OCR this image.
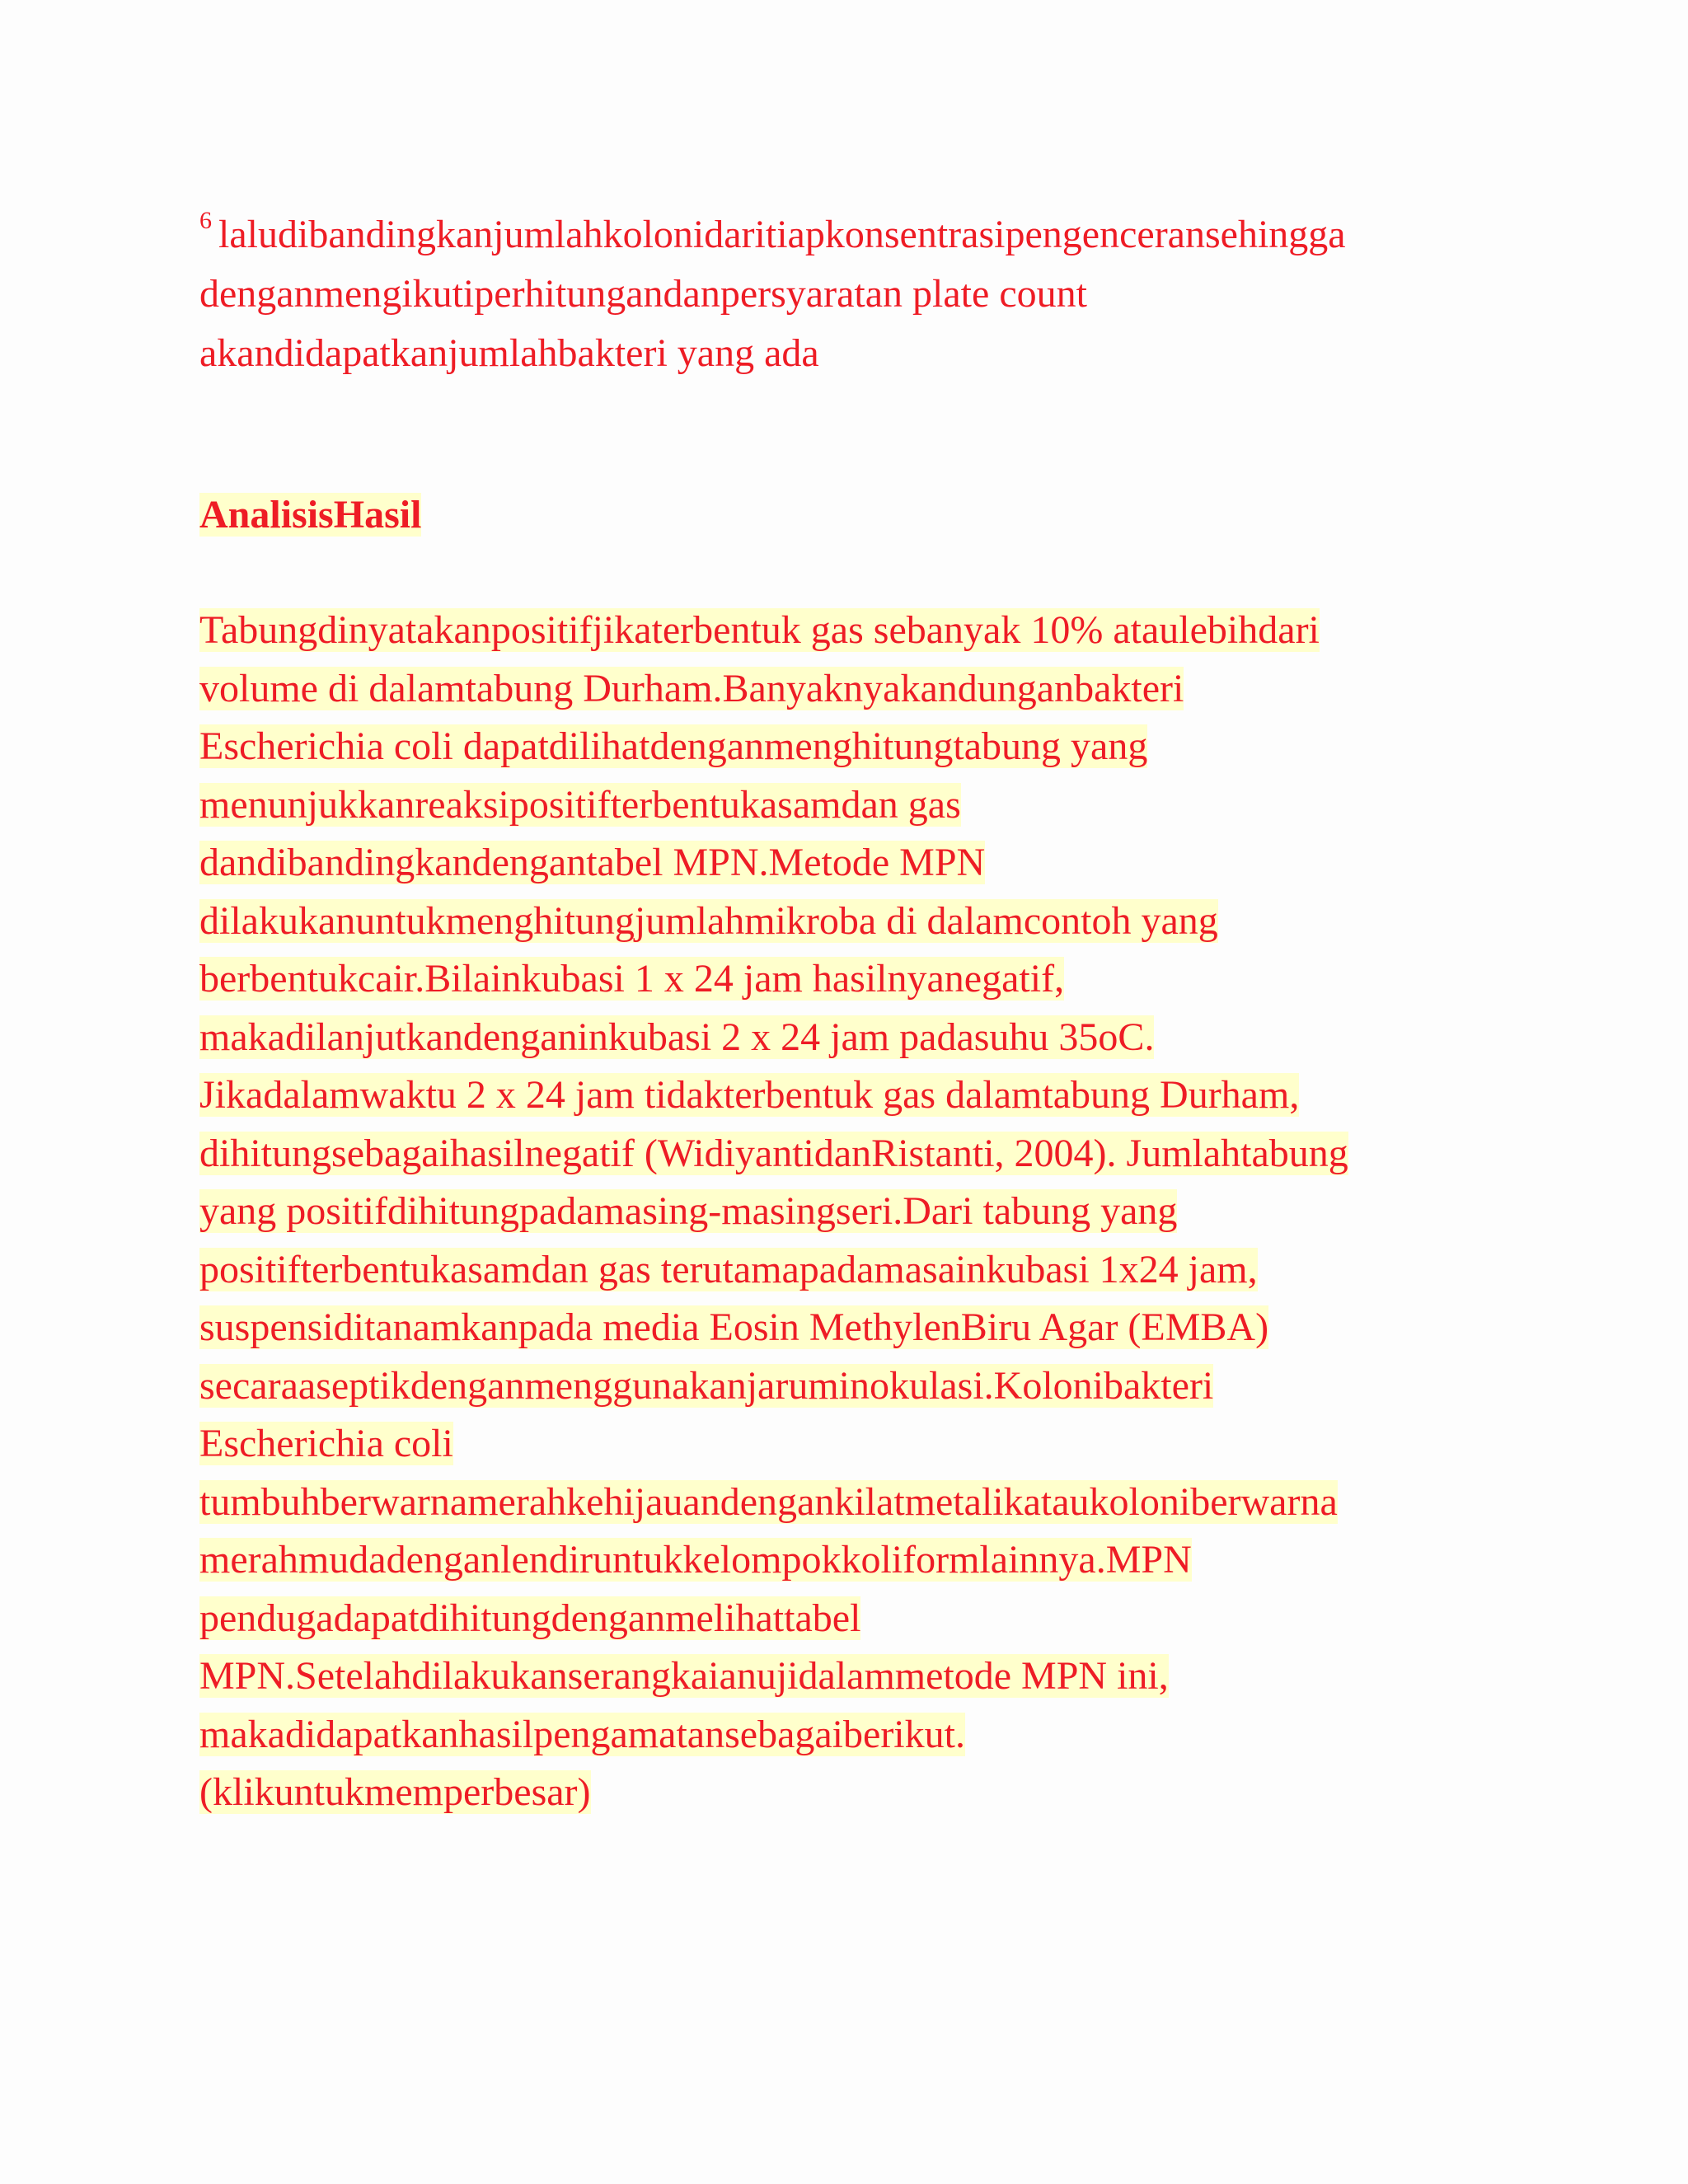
$^6$ laludibandingkanjumlahkolonidaritiapkonsentrasipengenceransehingga
denganmengikutiperhitungandanpersyaratan plate count
akandidapatkanjumlahbakteri yang ada
AnalisisHasil
Tabungdinyatakanpositifjikaterbentuk gas sebanyak 10% ataulebihdari
volume di dalamtabung Durham.Banyaknyakandunganbakteri
Escherichia coli dapatdilihatdenganmenghitungtabung yang
menunjukkanreaksipositifterbentukasamdan gas
dandibandingkandengantabel MPN.Metode MPN
dilakukanuntukmenghitungjumlahmikroba di dalamcontoh yang
berbentukcair.Bilainkubasi 1 x 24 jam hasilnyanegatif,
makadilanjutkandenganinkubasi 2 x 24 jam padasuhu 35oC.
Jikadalamwaktu 2 x 24 jam tidakterbentuk gas dalamtabung Durham,
dihitungsebagaihasilnegatif (WidiyantidanRistanti, 2004). Jumlahtabung
yang positifdihitungpadamasing-masingseri.Dari tabung yang
positifterbentukasamdan gas terutamapadamasainkubasi 1x24 jam,
suspensiditanamkanpada media Eosin MethylenBiru Agar (EMBA)
secaraaseptikdenganmenggunakanjaruminokulasi.Kolonibakteri
Escherichia coli
tumbuhberwarnamerahkehijauandengankilatmetalikataukoloniberwarna
merahmudadenganlendiruntukkelompokkoliformlainnya.MPN
pendugadapatdihitungdenganmelihattabel
MPN.Setelahdilakukanserangkaianujidalammetode MPN ini,
makadidapatkanhasilpengamatansebagaiberikut.
(klikuntukmemperbesar)
